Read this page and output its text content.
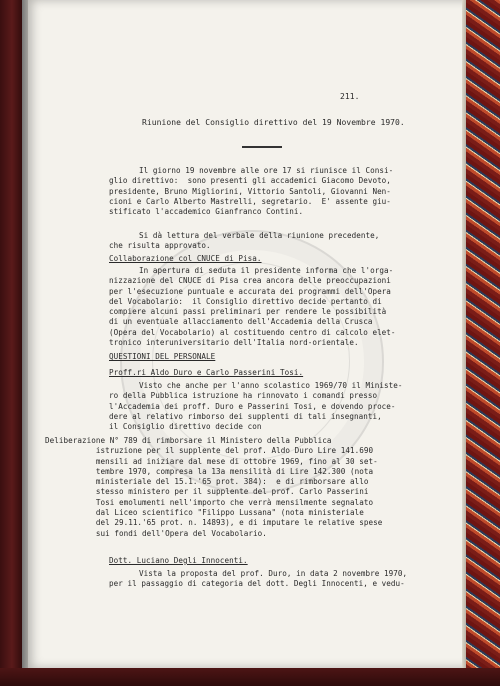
211.

Riunione del Consiglio direttivo del 19 Novembre 1970.

Il giorno 19 novembre alle ore 17 si riunisce il Consi-
glio direttivo:  sono presenti gli accademici Giacomo Devoto,
presidente, Bruno Migliorini, Vittorio Santoli, Giovanni Nen-
cioni e Carlo Alberto Mastrelli, segretario.  E' assente giu-
stificato l'accademico Gianfranco Contini.

Si dà lettura del verbale della riunione precedente,
che risulta approvato.

Collaborazione col CNUCE di Pisa.

In apertura di seduta il presidente informa che l'orga-
nizzazione del CNUCE di Pisa crea ancora delle preoccupazioni
per l'esecuzione puntuale e accurata dei programmi dell'Opera
del Vocabolario:  il Consiglio direttivo decide pertanto di
compiere alcuni passi preliminari per rendere le possibilità
di un eventuale allacciamento dell'Accademia della Crusca
(Opera del Vocabolario) al costituendo centro di calcolo elet-
tronico interuniversitario dell'Italia nord-orientale.

QUESTIONI DEL PERSONALE

Proff.ri Aldo Duro e Carlo Passerini Tosi.

Visto che anche per l'anno scolastico 1969/70 il Ministe-
ro della Pubblica istruzione ha rinnovato i comandi presso
l'Accademia dei proff. Duro e Passerini Tosi, e dovendo proce-
dere al relativo rimborso dei supplenti di tali insegnanti,
il Consiglio direttivo decide con

Deliberazione N° 789 di rimborsare il Ministero della Pubblica
istruzione per il supplente del prof. Aldo Duro Lire 141.690
mensili ad iniziare dal mese di ottobre 1969, fino al 30 set-
tembre 1970, compresa la 13a mensilità di Lire 142.300 (nota
ministeriale del 15.1.'65 prot. 384):  e di rimborsare allo
stesso ministero per il supplente del prof. Carlo Passerini
Tosi emolumenti nell'importo che verrà mensilmente segnalato
dal Liceo scientifico "Filippo Lussana" (nota ministeriale
del 29.11.'65 prot. n. 14893), e di imputare le relative spese
sui fondi dell'Opera del Vocabolario.

Dott. Luciano Degli Innocenti.

Vista la proposta del prof. Duro, in data 2 novembre 1970,
per il passaggio di categoria del dott. Degli Innocenti, e vedu-
